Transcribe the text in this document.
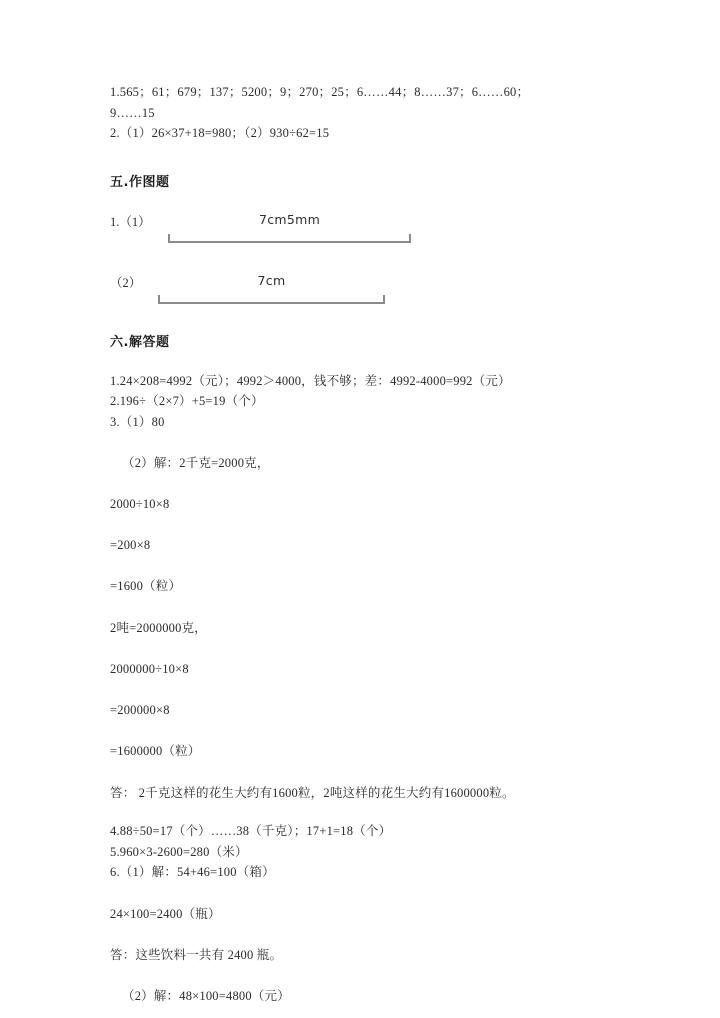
1.565；61；679；137；5200；9；270；25；6……44；8……37；6……60；
9……15
2.（1）26×37+18=980；（2）930÷62=15
五.作图题
1.（1）	7cm5mm
（2）	7cm
六.解答题
1.24×208=4992（元）；4992＞4000，钱不够；差：4992-4000=992（元）
2.196÷（2×7）+5=19（个）
3.（1）80
（2）解：2千克=2000克，
2000÷10×8
=200×8
=1600（粒）
2吨=2000000克，
2000000÷10×8
=200000×8
=1600000（粒）
答： 2千克这样的花生大约有1600粒，2吨这样的花生大约有1600000粒。
4.88÷50=17（个）……38（千克）；17+1=18（个）
5.960×3-2600=280（米）
6.（1）解：54+46=100（箱）
24×100=2400（瓶）
答：这些饮料一共有 2400 瓶。
（2）解：48×100=4800（元）
